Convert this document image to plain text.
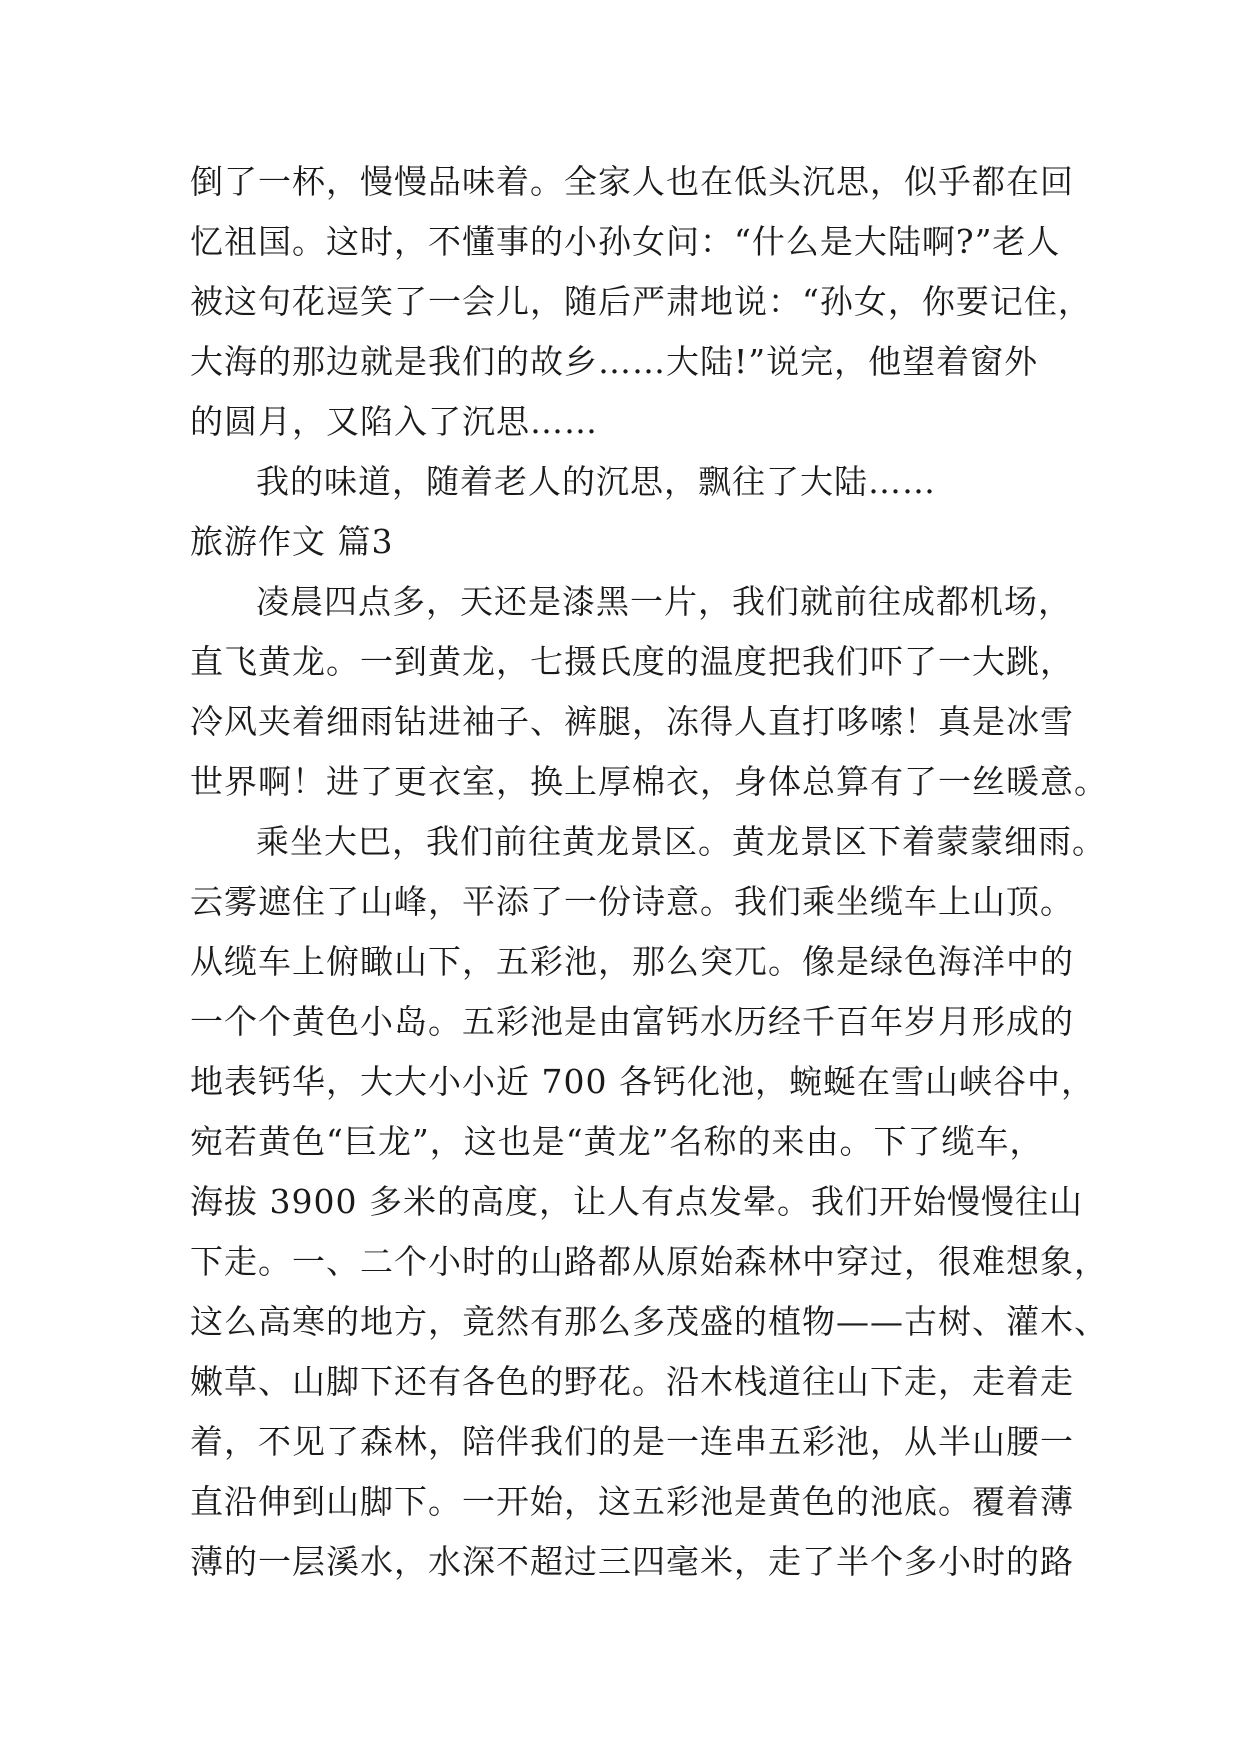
倒了一杯，慢慢品味着。全家人也在低头沉思，似乎都在回
忆祖国。这时，不懂事的小孙女问：“什么是大陆啊?”老人
被这句花逗笑了一会儿，随后严肃地说：“孙女，你要记住，
大海的那边就是我们的故乡……大陆!”说完，他望着窗外
的圆月，又陷入了沉思……
我的味道，随着老人的沉思，飘往了大陆……
旅游作文 篇3
凌晨四点多，天还是漆黑一片，我们就前往成都机场，
直飞黄龙。一到黄龙，七摄氏度的温度把我们吓了一大跳，
冷风夹着细雨钻进袖子、裤腿，冻得人直打哆嗦！真是冰雪
世界啊！进了更衣室，换上厚棉衣，身体总算有了一丝暖意。
乘坐大巴，我们前往黄龙景区。黄龙景区下着蒙蒙细雨。
云雾遮住了山峰，平添了一份诗意。我们乘坐缆车上山顶。
从缆车上俯瞰山下，五彩池，那么突兀。像是绿色海洋中的
一个个黄色小岛。五彩池是由富钙水历经千百年岁月形成的
地表钙华，大大小小近 700 各钙化池，蜿蜒在雪山峡谷中，
宛若黄色“巨龙”，这也是“黄龙”名称的来由。下了缆车，
海拔 3900 多米的高度，让人有点发晕。我们开始慢慢往山
下走。一、二个小时的山路都从原始森林中穿过，很难想象，
这么高寒的地方，竟然有那么多茂盛的植物——古树、灌木、
嫩草、山脚下还有各色的野花。沿木栈道往山下走，走着走
着，不见了森林，陪伴我们的是一连串五彩池，从半山腰一
直沿伸到山脚下。一开始，这五彩池是黄色的池底。覆着薄
薄的一层溪水，水深不超过三四毫米，走了半个多小时的路
